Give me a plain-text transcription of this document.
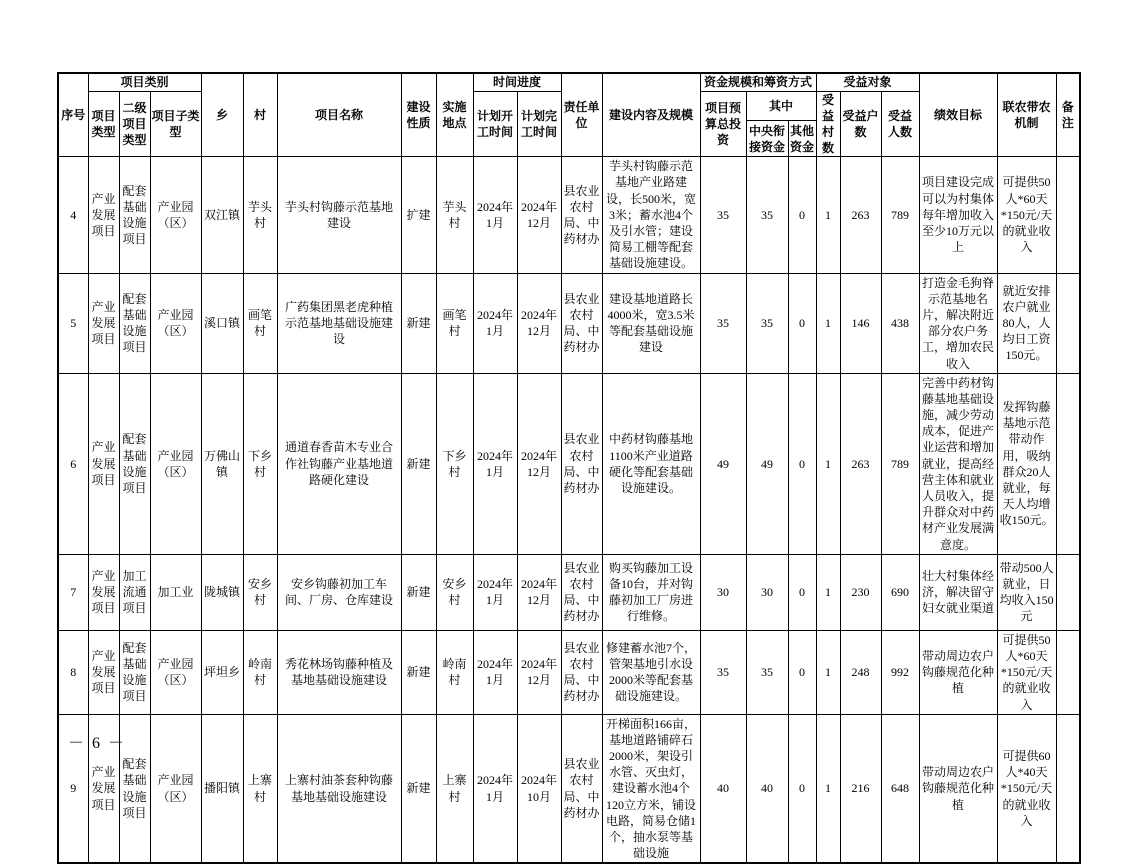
序号	项目类别			乡	村	项目名称	建设性质	实施地点	时间进度		责任单位	建设内容及规模	资金规模和筹资方式			受益对象			绩效目标	联农带农机制	备注
	项目类型	二级项目类型	项目子类型						计划开工时间	计划完工时间			项目预算总投资	其中		受益村数	受益户数	受益人数			
														中央衔接资金	其他资金						
4	产业发展项目	配套基础设施项目	产业园（区）	双江镇	芋头村	芋头村钩藤示范基地建设	扩建	芋头村	2024年1月	2024年12月	县农业农村局、中药材办	芋头村钩藤示范基地产业路建设，长500米，宽3米；蓄水池4个及引水管；建设简易工棚等配套基础设施建设。	35	35	0	1	263	789	项目建设完成可以为村集体每年增加收入至少10万元以上	可提供50人*60天*150元/天的就业收入	
5	产业发展项目	配套基础设施项目	产业园（区）	溪口镇	画笔村	广药集团黑老虎种植示范基地基础设施建设	新建	画笔村	2024年1月	2024年12月	县农业农村局、中药材办	建设基地道路长4000米，宽3.5米等配套基础设施建设	35	35	0	1	146	438	打造金毛狗脊示范基地名片，解决附近部分农户务工，增加农民收入	就近安排农户就业80人，人均日工资150元。	
6	产业发展项目	配套基础设施项目	产业园（区）	万佛山镇	下乡村	通道春香苗木专业合作社钩藤产业基地道路硬化建设	新建	下乡村	2024年1月	2024年12月	县农业农村局、中药材办	中药材钩藤基地1100米产业道路硬化等配套基础设施建设。	49	49	0	1	263	789	完善中药材钩藤基地基础设施，减少劳动成本，促进产业运营和增加就业，提高经营主体和就业人员收入，提升群众对中药材产业发展满意度。	发挥钩藤基地示范带动作用，吸纳群众20人就业，每天人均增收150元。	
7	产业发展项目	加工流通项目	加工业	陇城镇	安乡村	安乡钩藤初加工车间、厂房、仓库建设	新建	安乡村	2024年1月	2024年12月	县农业农村局、中药材办	购买钩藤加工设备10台，并对钩藤初加工厂房进行维修。	30	30	0	1	230	690	壮大村集体经济，解决留守妇女就业渠道	带动500人就业，日均收入150元	
8	产业发展项目	配套基础设施项目	产业园（区）	坪坦乡	岭南村	秀花林场钩藤种植及基地基础设施建设	新建	岭南村	2024年1月	2024年12月	县农业农村局、中药材办	修建蓄水池7个，管架基地引水设2000米等配套基础设施建设。	35	35	0	1	248	992	带动周边农户钩藤规范化种植	可提供50人*60天*150元/天的就业收入	
9	产业发展项目	配套基础设施项目	产业园（区）	播阳镇	上寨村	上寨村油茶套种钩藤基地基础设施建设	新建	上寨村	2024年1月	2024年10月	县农业农村局、中药材办	开梯面积166亩，基地道路铺碎石2000米，架设引水管、灭虫灯，建设蓄水池4个120立方米，铺设电路，简易仓储1个，抽水泵等基础设施	40	40	0	1	216	648	带动周边农户钩藤规范化种植	可提供60人*40天*150元/天的就业收入	
－ 6 －
